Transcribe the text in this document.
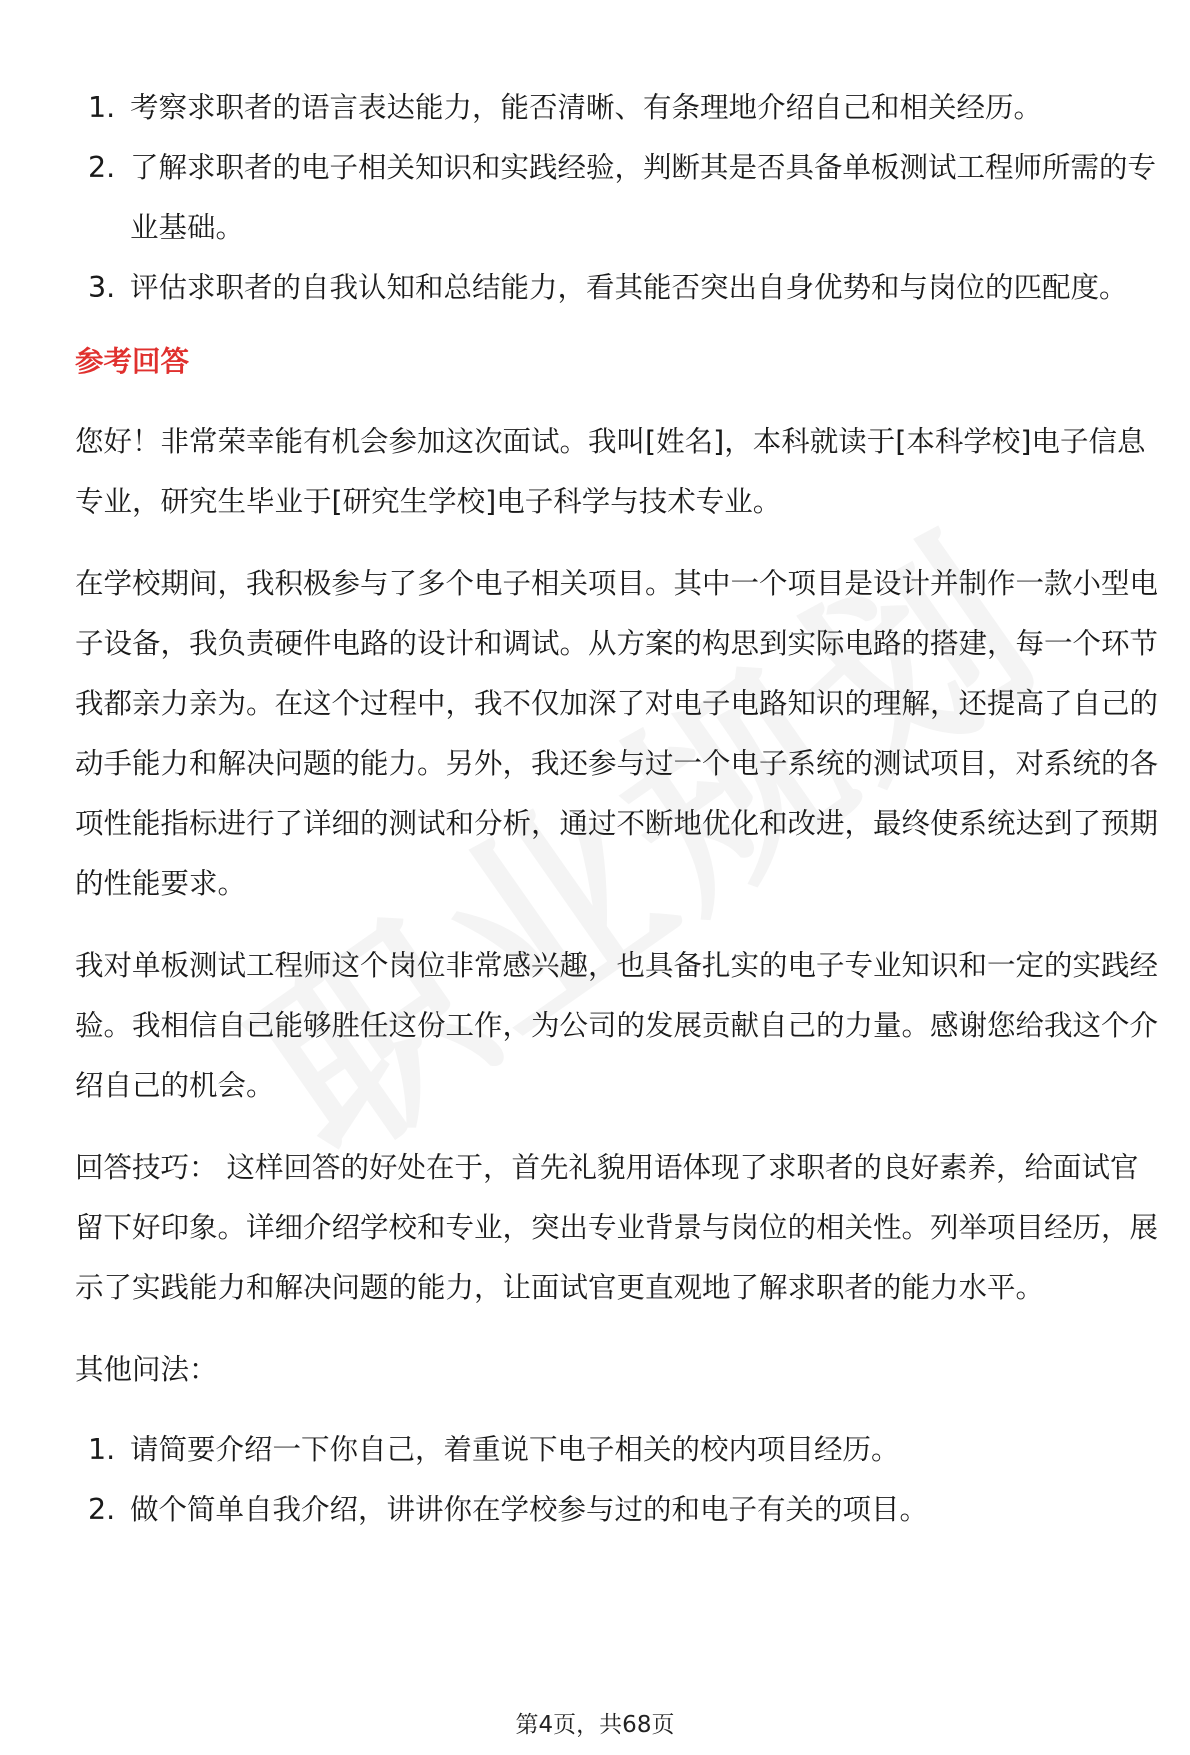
1. 考察求职者的语言表达能力，能否清晰、有条理地介绍自己和相关经历。
2. 了解求职者的电子相关知识和实践经验，判断其是否具备单板测试工程师所需的专业基础。
3. 评估求职者的自我认知和总结能力，看其能否突出自身优势和与岗位的匹配度。
参考回答

您好！非常荣幸能有机会参加这次面试。我叫[姓名]，本科就读于[本科学校]电子信息专业，研究生毕业于[研究生学校]电子科学与技术专业。

在学校期间，我积极参与了多个电子相关项目。其中一个项目是设计并制作一款小型电子设备，我负责硬件电路的设计和调试。从方案的构思到实际电路的搭建，每一个环节我都亲力亲为。在这个过程中，我不仅加深了对电子电路知识的理解，还提高了自己的动手能力和解决问题的能力。另外，我还参与过一个电子系统的测试项目，对系统的各项性能指标进行了详细的测试和分析，通过不断地优化和改进，最终使系统达到了预期的性能要求。

我对单板测试工程师这个岗位非常感兴趣，也具备扎实的电子专业知识和一定的实践经验。我相信自己能够胜任这份工作，为公司的发展贡献自己的力量。感谢您给我这个介绍自己的机会。

回答技巧： 这样回答的好处在于，首先礼貌用语体现了求职者的良好素养，给面试官留下好印象。详细介绍学校和专业，突出专业背景与岗位的相关性。列举项目经历，展示了实践能力和解决问题的能力，让面试官更直观地了解求职者的能力水平。

其他问法：

1. 请简要介绍一下你自己，着重说下电子相关的校内项目经历。
2. 做个简单自我介绍，讲讲你在学校参与过的和电子有关的项目。
第4页，共68页
